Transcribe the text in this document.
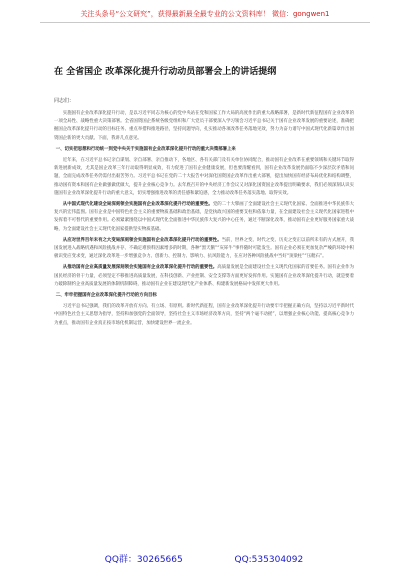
关注头条号“公文研究”，获得最新最全最专业的公文资料库！ 微信：gongwen1
在 全省国企 改革深化提升行动动员部署会上的讲话提纲
同志们：

实施国有企业改革深化提升行动，是以习近平同志为核心的党中央站在党和国家工作大局的高度作出的重大战略部署，是新时代新征程国有企业改革的一项全局性、战略性重大决策部署。全省国资国企系统各级党组织和广大党员干部要深入学习领会习近平总书记关于国有企业改革发展的重要论述，准确把握国企改革深化提升行动的目标任务、重点举措和推进路径，坚持问题导向，扎实推动各项改革任务落地见效，努力为奋力谱写中国式现代化新篇章作出国资国企新的更大贡献。下面，我讲几点意见。

一、切实把思想和行动统一到党中央关于实施国有企业改革深化提升行动的重大决策部署上来

近年来，在习近平总书记亲自谋划、亲自部署、亲自推动下，各地区、各有关部门及有关单位协同配合，推动国有企业改革在重要领域和关键环节取得新进展新成效，尤其是国企改革三年行动取得明显成效，有力促进了国有企业健康发展，但也要清醒看到，国有企业改革发展仍面临不少深层次矛盾和问题，全面完成改革任务仍需付出艰苦努力。习近平总书记在党的二十大报告中对深化国资国企改革作出重大部署，提出加快国有经济布局优化和结构调整，推动国有资本和国有企业做强做优做大，提升企业核心竞争力。去年底召开的中央经济工作会议又对深化国资国企改革提出明确要求，我们必须深刻认识实施国有企业改革深化提升行动的重大意义，切实增强推进改革的责任感和紧迫感，全力推动改革任务落实落地、取得实效。

从中国式现代化建设全局深刻领会实施国有企业改革深化提升行动的重要性。党的二十大擘画了全面建设社会主义现代化国家、全面推进中华民族伟大复兴的宏伟蓝图。国有企业是中国特色社会主义的重要物质基础和政治基础，是党执政兴国的重要支柱和依靠力量，在全面建设社会主义现代化国家进程中发挥着不可替代的重要作用。必须紧紧围绕以中国式现代化全面推进中华民族伟大复兴的中心任务，通过不断深化改革，推动国有企业更好服务国家重大战略，为全面建设社会主义现代化国家提供坚实物质基础。

从应对世界百年未有之大变局深刻领会实施国有企业改革深化提升行动的重要性。当前，世界之变、时代之变、历史之变正以前所未有的方式展开，我国发展进入战略机遇和风险挑战并存、不确定难预料因素增多的时期，各种“黑天鹅”“灰犀牛”事件随时可能发生。国有企业必须在更加复杂严峻的环境中积极识变应变求变，通过深化改革进一步增强竞争力、创新力、控制力、影响力、抗风险能力，在应对各种风险挑战中当好“顶梁柱”“压舱石”。

从推动国有企业高质量发展深刻领会实施国有企业改革深化提升行动的重要性。高质量发展是全面建设社会主义现代化国家的首要任务。国有企业作为国民经济的骨干力量，必须坚定不移推进高质量发展，在科技创新、产业控制、安全支撑等方面更好发挥作用。实施国有企业改革深化提升行动，就是要着力破除制约企业高质量发展的体制机制障碍，推动国有企业在建设现代化产业体系、构建新发展格局中发挥更大作用。

二、牢牢把握国有企业改革深化提升行动的方向目标

习近平总书记强调，我们的改革开放有方向、有立场、有原则。新时代新征程，国有企业改革深化提升行动要牢牢把握正确方向，坚持以习近平新时代中国特色社会主义思想为指导，坚持和加强党的全面领导，坚持社会主义市场经济改革方向，坚持“两个毫不动摇”，以增强企业核心功能、提高核心竞争力为重点，推动国有企业真正按市场化机制运营，加快建设世界一流企业。

QQ群：30265665	QQ:535304092
